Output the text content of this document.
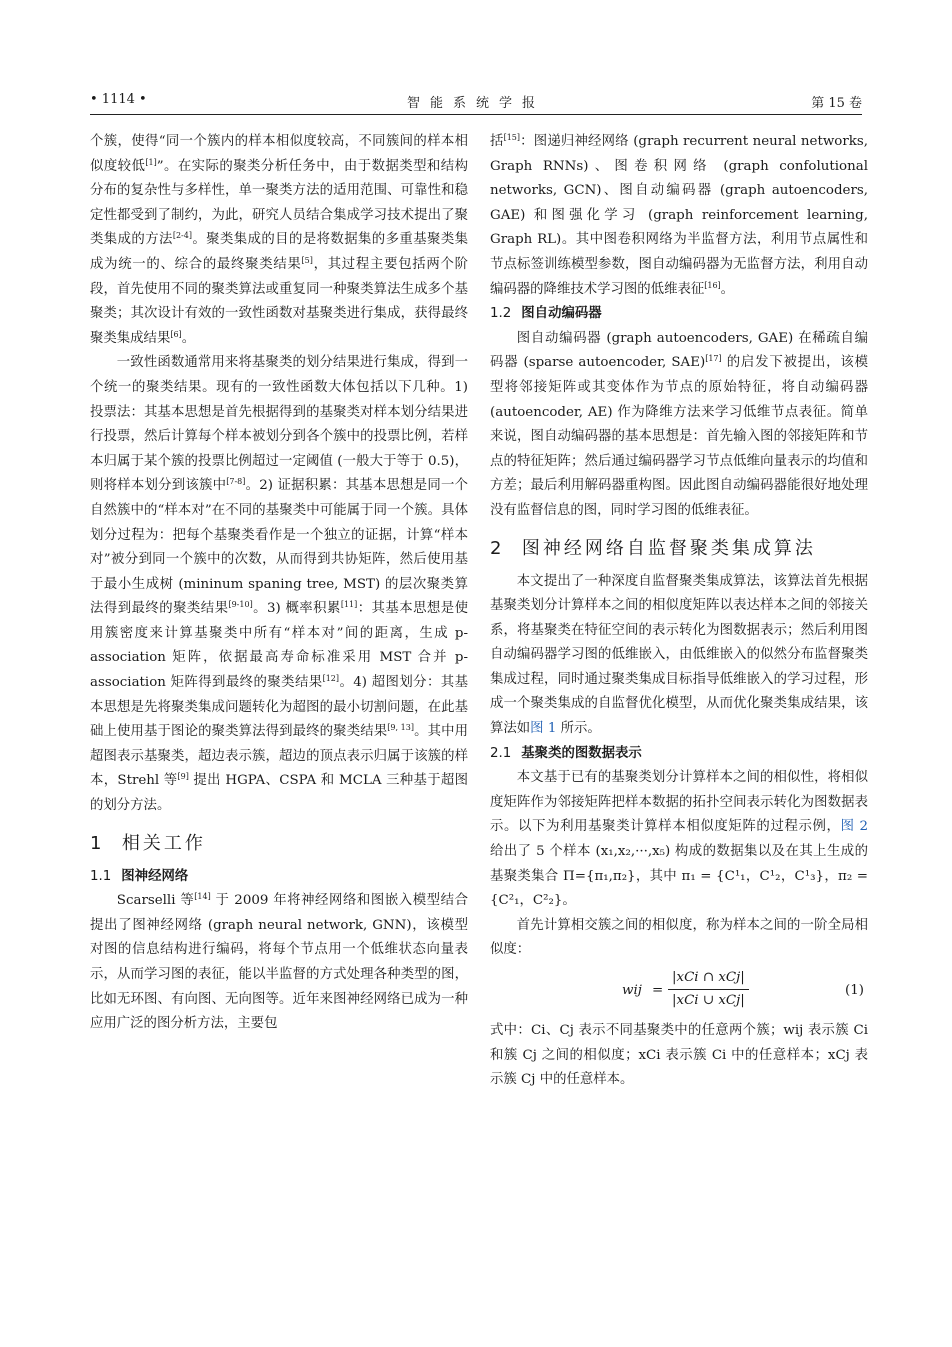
• 1114 •	智能系统学报	第 15 卷

个簇，使得“同一个簇内的样本相似度较高，不同簇间的样本相似度较低[1]”。在实际的聚类分析任务中，由于数据类型和结构分布的复杂性与多样性，单一聚类方法的适用范围、可靠性和稳定性都受到了制约，为此，研究人员结合集成学习技术提出了聚类集成的方法[2-4]。聚类集成的目的是将数据集的多重基聚类集成为统一的、综合的最终聚类结果[5]，其过程主要包括两个阶段，首先使用不同的聚类算法或重复同一种聚类算法生成多个基聚类；其次设计有效的一致性函数对基聚类进行集成，获得最终聚类集成结果[6]。

一致性函数通常用来将基聚类的划分结果进行集成，得到一个统一的聚类结果。现有的一致性函数大体包括以下几种。1) 投票法：其基本思想是首先根据得到的基聚类对样本划分结果进行投票，然后计算每个样本被划分到各个簇中的投票比例，若样本归属于某个簇的投票比例超过一定阈值 (一般大于等于 0.5)，则将样本划分到该簇中[7-8]。2) 证据积累：其基本思想是同一个自然簇中的“样本对”在不同的基聚类中可能属于同一个簇。具体划分过程为：把每个基聚类看作是一个独立的证据，计算“样本对”被分到同一个簇中的次数，从而得到共协矩阵，然后使用基于最小生成树 (mininum spaning tree, MST) 的层次聚类算法得到最终的聚类结果[9-10]。3) 概率积累[11]：其基本思想是使用簇密度来计算基聚类中所有“样本对”间的距离，生成 p-association 矩阵，依据最高寿命标准采用 MST 合并 p-association 矩阵得到最终的聚类结果[12]。4) 超图划分：其基本思想是先将聚类集成问题转化为超图的最小切割问题，在此基础上使用基于图论的聚类算法得到最终的聚类结果[9, 13]。其中用超图表示基聚类，超边表示簇，超边的顶点表示归属于该簇的样本，Strehl 等[9] 提出 HGPA、CSPA 和 MCLA 三种基于超图的划分方法。

1 相关工作
1.1 图神经网络

Scarselli 等[14] 于 2009 年将神经网络和图嵌入模型结合提出了图神经网络 (graph neural network, GNN)，该模型对图的信息结构进行编码，将每个节点用一个低维状态向量表示，从而学习图的表征，能以半监督的方式处理各种类型的图，比如无环图、有向图、无向图等。近年来图神经网络已成为一种应用广泛的图分析方法，主要包

括[15]：图递归神经网络 (graph recurrent neural networks, Graph RNNs)、图卷积网络 (graph confolutional networks, GCN)、图自动编码器 (graph autoencoders, GAE) 和图强化学习 (graph reinforcement learning, Graph RL)。其中图卷积网络为半监督方法，利用节点属性和节点标签训练模型参数，图自动编码器为无监督方法，利用自动编码器的降维技术学习图的低维表征[16]。

1.2 图自动编码器

图自动编码器 (graph autoencoders, GAE) 在稀疏自编码器 (sparse autoencoder, SAE)[17] 的启发下被提出，该模型将邻接矩阵或其变体作为节点的原始特征，将自动编码器 (autoencoder, AE) 作为降维方法来学习低维节点表征。简单来说，图自动编码器的基本思想是：首先输入图的邻接矩阵和节点的特征矩阵；然后通过编码器学习节点低维向量表示的均值和方差；最后利用解码器重构图。因此图自动编码器能很好地处理没有监督信息的图，同时学习图的低维表征。

2 图神经网络自监督聚类集成算法

本文提出了一种深度自监督聚类集成算法，该算法首先根据基聚类划分计算样本之间的相似度矩阵以表达样本之间的邻接关系，将基聚类在特征空间的表示转化为图数据表示；然后利用图自动编码器学习图的低维嵌入，由低维嵌入的似然分布监督聚类集成过程，同时通过聚类集成目标指导低维嵌入的学习过程，形成一个聚类集成的自监督优化模型，从而优化聚类集成结果，该算法如图 1 所示。

2.1 基聚类的图数据表示

本文基于已有的基聚类划分计算样本之间的相似性，将相似度矩阵作为邻接矩阵把样本数据的拓扑空间表示转化为图数据表示。以下为利用基聚类计算样本相似度矩阵的过程示例，图 2 给出了 5 个样本 (x₁,x₂,···,x₅) 构成的数据集以及在其上生成的基聚类集合 Π={π₁,π₂}，其中 π₁ = {C¹₁，C¹₂，C¹₃}，π₂ = {C²₁，C²₂}。

首先计算相交簇之间的相似度，称为样本之间的一阶全局相似度：

wij =
|xCi ∩ xCj|
|xCi ∪ xCj|
(1)

式中：Ci、Cj 表示不同基聚类中的任意两个簇；wij 表示簇 Ci 和簇 Cj 之间的相似度；xCi 表示簇 Ci 中的任意样本；xCj 表示簇 Cj 中的任意样本。
